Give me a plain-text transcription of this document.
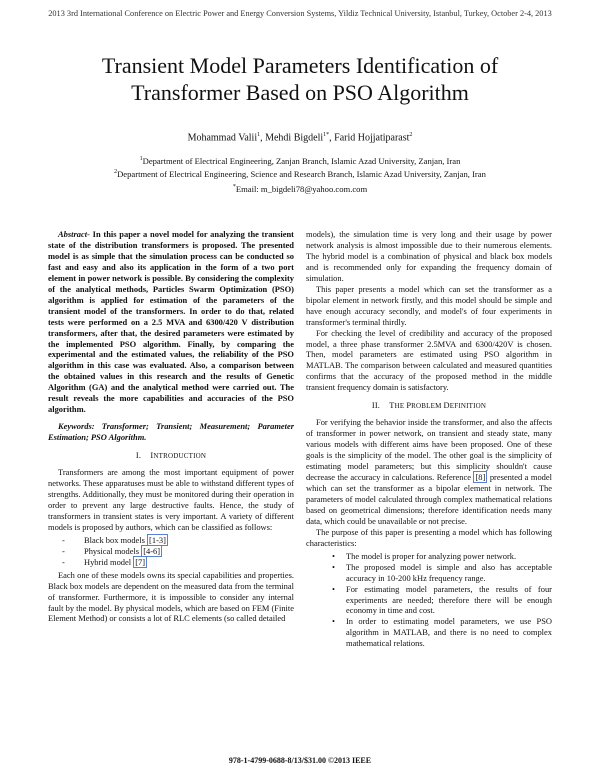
2013 3rd International Conference on Electric Power and Energy Conversion Systems, Yildiz Technical University, Istanbul, Turkey, October 2-4, 2013
Transient Model Parameters Identification of
Transformer Based on PSO Algorithm
Mohammad Valii$^1$, Mehdi Bigdeli$^{1*}$, Farid Hojjatiparast$^2$
$^1$Department of Electrical Engineering, Zanjan Branch, Islamic Azad University, Zanjan, Iran
$^2$Department of Electrical Engineering, Science and Research Branch, Islamic Azad University, Zanjan, Iran
*Email: m_bigdeli78@yahoo.com.com

Abstract- In this paper a novel model for analyzing the transient state of the distribution transformers is proposed. The presented model is as simple that the simulation process can be conducted so fast and easy and also its application in the form of a two port element in power network is possible. By considering the complexity of the analytical methods, Particles Swarm Optimization (PSO) algorithm is applied for estimation of the parameters of the transient model of the transformers. In order to do that, related tests were performed on a 2.5 MVA and 6300/420 V distribution transformers, after that, the desired parameters were estimated by the implemented PSO algorithm. Finally, by comparing the experimental and the estimated values, the reliability of the PSO algorithm in this case was evaluated. Also, a comparison between the obtained values in this research and the results of Genetic Algorithm (GA) and the analytical method were carried out. The result reveals the more capabilities and accuracies of the PSO algorithm.

Keywords: Transformer; Transient; Measurement; Parameter Estimation; PSO Algorithm.

I. INTRODUCTION

Transformers are among the most important equipment of power networks. These apparatuses must be able to withstand different types of strengths. Additionally, they must be monitored during their operation in order to prevent any large destructive faults. Hence, the study of transformers in transient states is very important. A variety of different models is proposed by authors, which can be classified as follows:

- Black box models [1-3]
- Physical models [4-6]
- Hybrid model [7]

Each one of these models owns its special capabilities and properties. Black box models are dependent on the measured data from the terminal of transformer. Furthermore, it is impossible to consider any internal fault by the model. By physical models, which are based on FEM (Finite Element Method) or consists a lot of RLC elements (so called detailed

models), the simulation time is very long and their usage by power network analysis is almost impossible due to their numerous elements. The hybrid model is a combination of physical and black box models and is recommended only for expanding the frequency domain of simulation.

This paper presents a model which can set the transformer as a bipolar element in network firstly, and this model should be simple and have enough accuracy secondly, and model's of four experiments in transformer's terminal thirdly.

For checking the level of credibility and accuracy of the proposed model, a three phase transformer 2.5MVA and 6300/420V is chosen. Then, model parameters are estimated using PSO algorithm in MATLAB. The comparison between calculated and measured quantities confirms that the accuracy of the proposed method in the middle transient frequency domain is satisfactory.

II. THE PROBLEM DEFINITION

For verifying the behavior inside the transformer, and also the affects of transformer in power network, on transient and steady state, many various models with different aims have been proposed. One of these goals is the simplicity of the model. The other goal is the simplicity of estimating model parameters; but this simplicity shouldn't cause decrease the accuracy in calculations. Reference [8] presented a model which can set the transformer as a bipolar element in network. The parameters of model calculated through complex mathematical relations based on geometrical dimensions; therefore identification needs many data, which could be unavailable or not precise.

The purpose of this paper is presenting a model which has following characteristics:

• The model is proper for analyzing power network.
• The proposed model is simple and also has acceptable accuracy in 10-200 kHz frequency range.
• For estimating model parameters, the results of four experiments are needed; therefore there will be enough economy in time and cost.
• In order to estimating model parameters, we use PSO algorithm in MATLAB, and there is no need to complex mathematical relations.
978-1-4799-0688-8/13/$31.00 ©2013 IEEE
